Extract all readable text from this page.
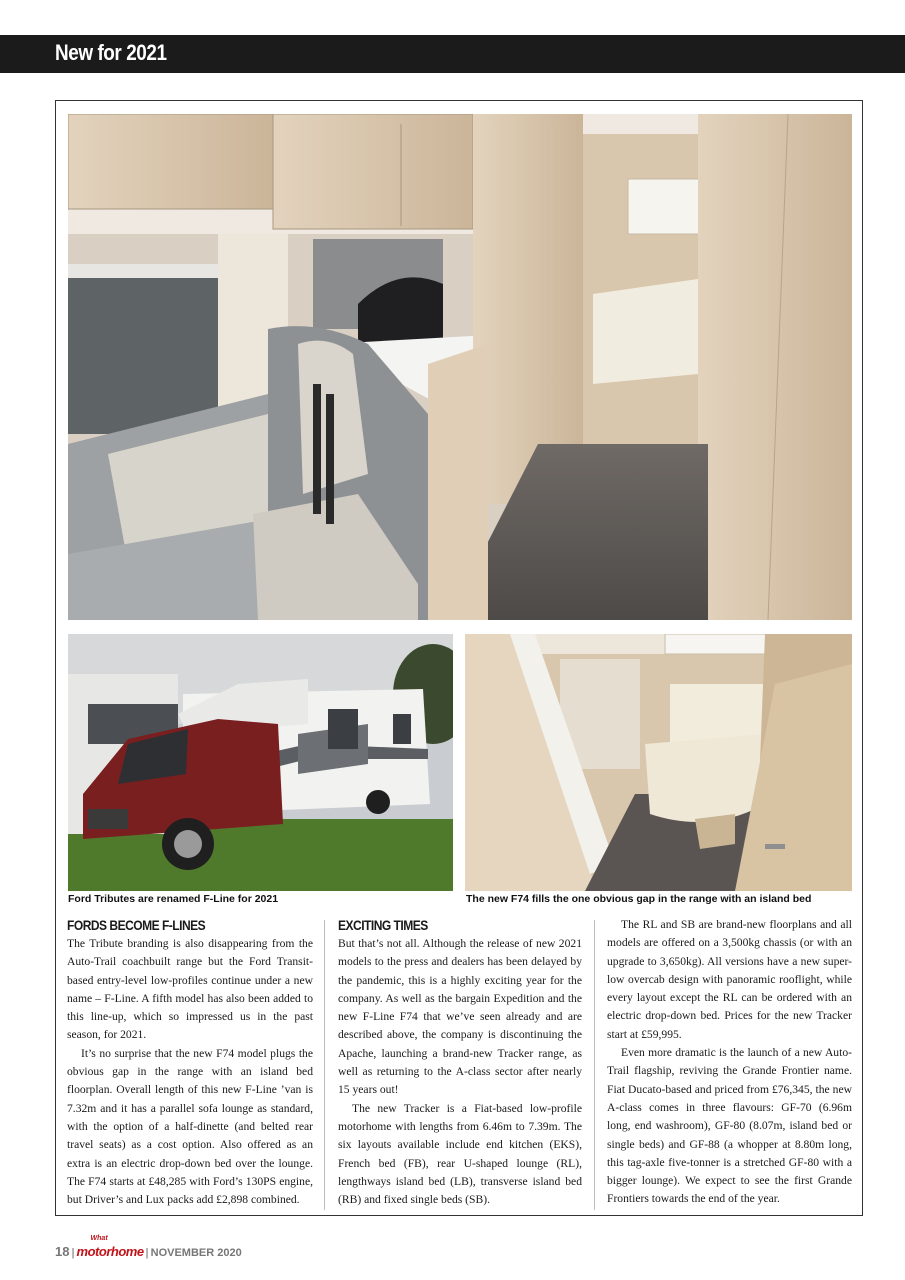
New for 2021
Ford Tributes are renamed F-Line for 2021	The new F74 fills the one obvious gap in the range with an island bed
FORDS BECOME F-LINES

The Tribute branding is also disappearing from the Auto-Trail coachbuilt range but the Ford Transit-based entry-level low-profiles continue under a new name – F-Line. A fifth model has also been added to this line-up, which so impressed us in the past season, for 2021.

It’s no surprise that the new F74 model plugs the obvious gap in the range with an island bed floorplan. Overall length of this new F-Line ’van is 7.32m and it has a parallel sofa lounge as standard, with the option of a half-dinette (and belted rear travel seats) as a cost option. Also offered as an extra is an electric drop-down bed over the lounge. The F74 starts at £48,285 with Ford’s 130PS engine, but Driver’s and Lux packs add £2,898 combined.

EXCITING TIMES

But that’s not all. Although the release of new 2021 models to the press and dealers has been delayed by the pandemic, this is a highly exciting year for the company. As well as the bargain Expedition and the new F-Line F74 that we’ve seen already and are described above, the company is discontinuing the Apache, launching a brand-new Tracker range, as well as returning to the A-class sector after nearly 15 years out!

The new Tracker is a Fiat-based low-profile motorhome with lengths from 6.46m to 7.39m. The six layouts available include end kitchen (EKS), French bed (FB), rear U-shaped lounge (RL), lengthways island bed (LB), transverse island bed (RB) and fixed single beds (SB).

The RL and SB are brand-new floorplans and all models are offered on a 3,500kg chassis (or with an upgrade to 3,650kg). All versions have a new super-low overcab design with panoramic rooflight, while every layout except the RL can be ordered with an electric drop-down bed. Prices for the new Tracker start at £59,995.

Even more dramatic is the launch of a new Auto-Trail flagship, reviving the Grande Frontier name. Fiat Ducato-based and priced from £76,345, the new A-class comes in three flavours: GF-70 (6.96m long, end washroom), GF-80 (8.07m, island bed or single beds) and GF-88 (a whopper at 8.80m long, this tag-axle five-tonner is a stretched GF-80 with a bigger lounge). We expect to see the first Grande Frontiers towards the end of the year.

18 |
What
motorhome | NOVEMBER 2020
